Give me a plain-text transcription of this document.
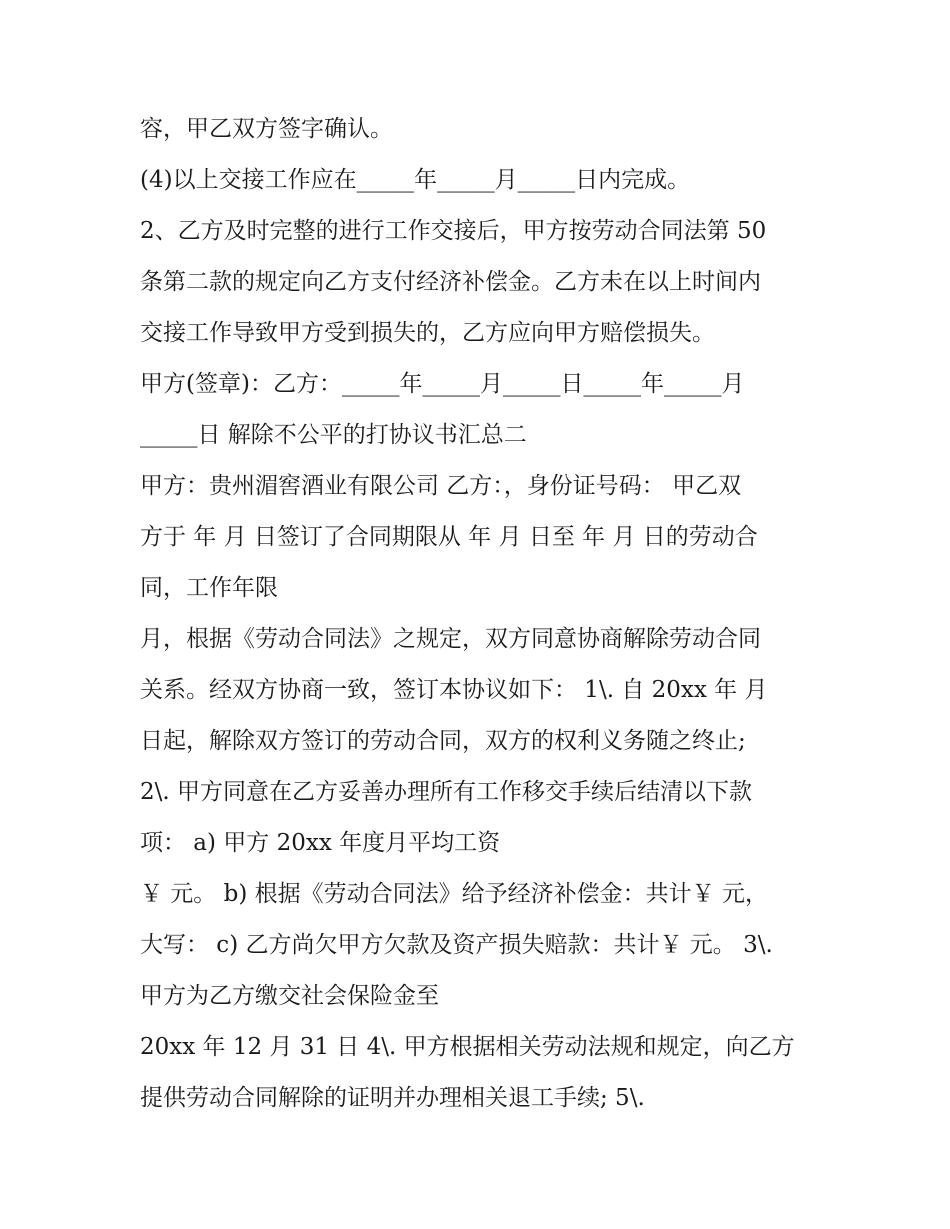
容，甲乙双方签字确认。
(4)以上交接工作应在_____年_____月_____日内完成。
2、乙方及时完整的进行工作交接后，甲方按劳动合同法第 50
条第二款的规定向乙方支付经济补偿金。乙方未在以上时间内
交接工作导致甲方受到损失的，乙方应向甲方赔偿损失。
甲方(签章)：乙方：_____年_____月_____日_____年_____月
_____日 解除不公平的打协议书汇总二
甲方：贵州湄窖酒业有限公司 乙方：，身份证号码： 甲乙双
方于 年 月 日签订了合同期限从 年 月 日至 年 月 日的劳动合
同，工作年限
月，根据《劳动合同法》之规定，双方同意协商解除劳动合同
关系。经双方协商一致，签订本协议如下： 1\. 自 20xx 年 月
日起，解除双方签订的劳动合同，双方的权利义务随之终止;
2\. 甲方同意在乙方妥善办理所有工作移交手续后结清以下款
项： a) 甲方 20xx 年度月平均工资
￥ 元。 b) 根据《劳动合同法》给予经济补偿金：共计￥ 元，
大写： c) 乙方尚欠甲方欠款及资产损失赔款：共计￥ 元。 3\.
甲方为乙方缴交社会保险金至
20xx 年 12 月 31 日 4\. 甲方根据相关劳动法规和规定，向乙方
提供劳动合同解除的证明并办理相关退工手续; 5\.
